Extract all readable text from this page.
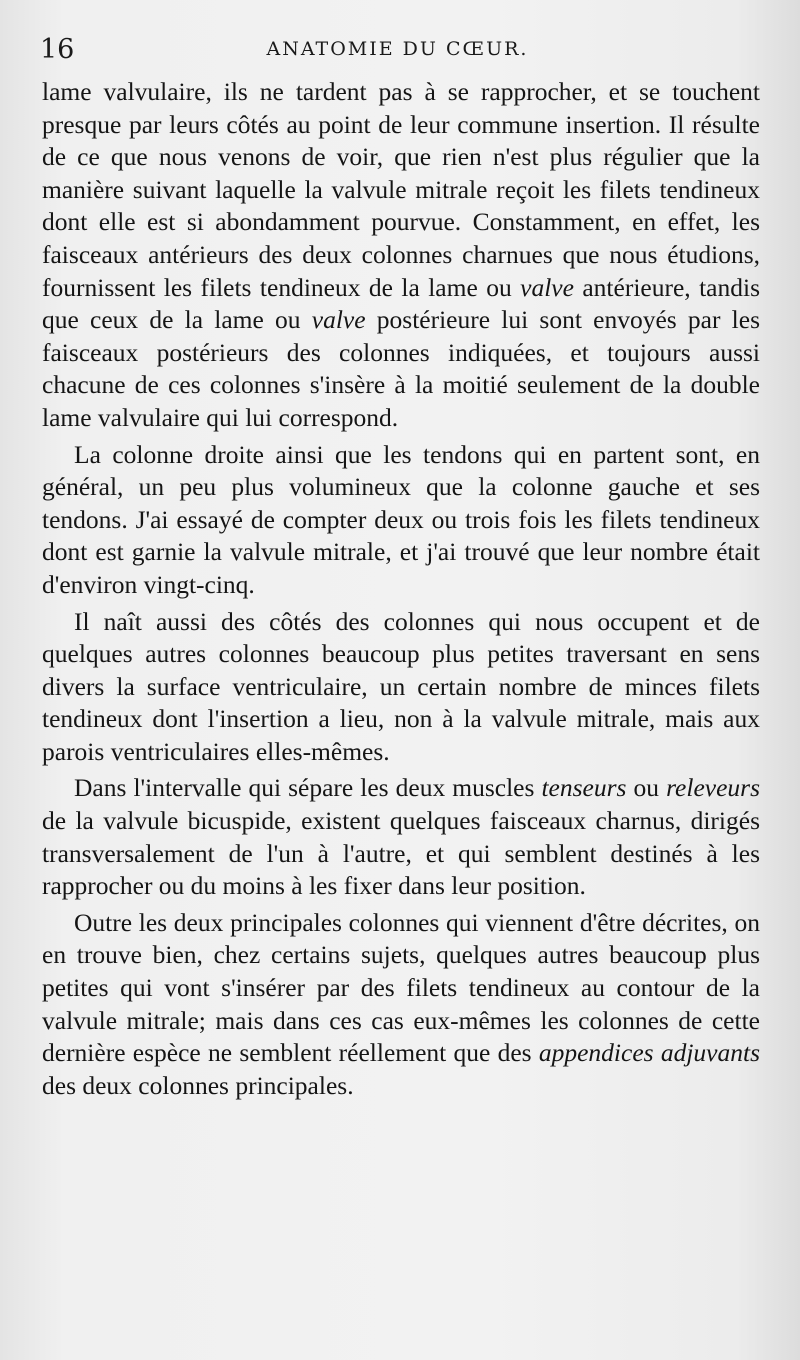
16	ANATOMIE DU CŒUR.

lame valvulaire, ils ne tardent pas à se rapprocher, et se touchent presque par leurs côtés au point de leur commune insertion. Il résulte de ce que nous venons de voir, que rien n'est plus régulier que la manière suivant laquelle la valvule mitrale reçoit les filets tendineux dont elle est si abondamment pourvue. Constamment, en effet, les faisceaux antérieurs des deux colonnes charnues que nous étudions, fournissent les filets tendineux de la lame ou valve antérieure, tandis que ceux de la lame ou valve postérieure lui sont envoyés par les faisceaux postérieurs des colonnes indiquées, et toujours aussi chacune de ces colonnes s'insère à la moitié seulement de la double lame valvulaire qui lui correspond.

La colonne droite ainsi que les tendons qui en partent sont, en général, un peu plus volumineux que la colonne gauche et ses tendons. J'ai essayé de compter deux ou trois fois les filets tendineux dont est garnie la valvule mitrale, et j'ai trouvé que leur nombre était d'environ vingt-cinq.

Il naît aussi des côtés des colonnes qui nous occupent et de quelques autres colonnes beaucoup plus petites traversant en sens divers la surface ventriculaire, un certain nombre de minces filets tendineux dont l'insertion a lieu, non à la valvule mitrale, mais aux parois ventriculaires elles-mêmes.

Dans l'intervalle qui sépare les deux muscles tenseurs ou releveurs de la valvule bicuspide, existent quelques faisceaux charnus, dirigés transversalement de l'un à l'autre, et qui semblent destinés à les rapprocher ou du moins à les fixer dans leur position.

Outre les deux principales colonnes qui viennent d'être décrites, on en trouve bien, chez certains sujets, quelques autres beaucoup plus petites qui vont s'insérer par des filets tendineux au contour de la valvule mitrale; mais dans ces cas eux-mêmes les colonnes de cette dernière espèce ne semblent réellement que des appendices adjuvants des deux colonnes principales.
